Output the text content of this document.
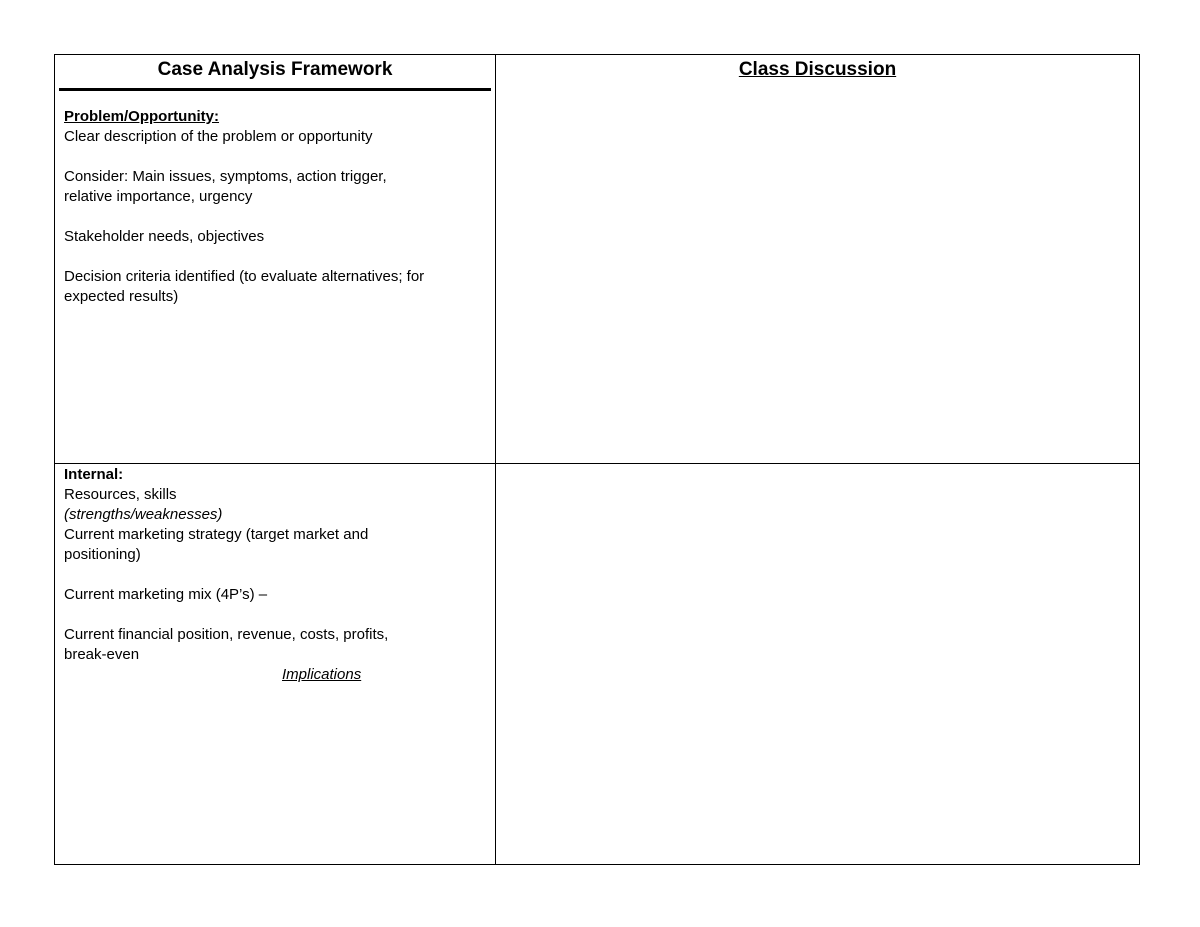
Case Analysis Framework

Problem/Opportunity:

Clear description of the problem or opportunity

Consider: Main issues, symptoms, action trigger,

relative importance, urgency

Stakeholder needs, objectives

Decision criteria identified (to evaluate alternatives; for

expected results)

Class Discussion

Internal:

Resources, skills

(strengths/weaknesses)

Current marketing strategy (target market and

positioning)

Current marketing mix (4P’s) –

Current financial position, revenue, costs, profits,

break-even

Implications
